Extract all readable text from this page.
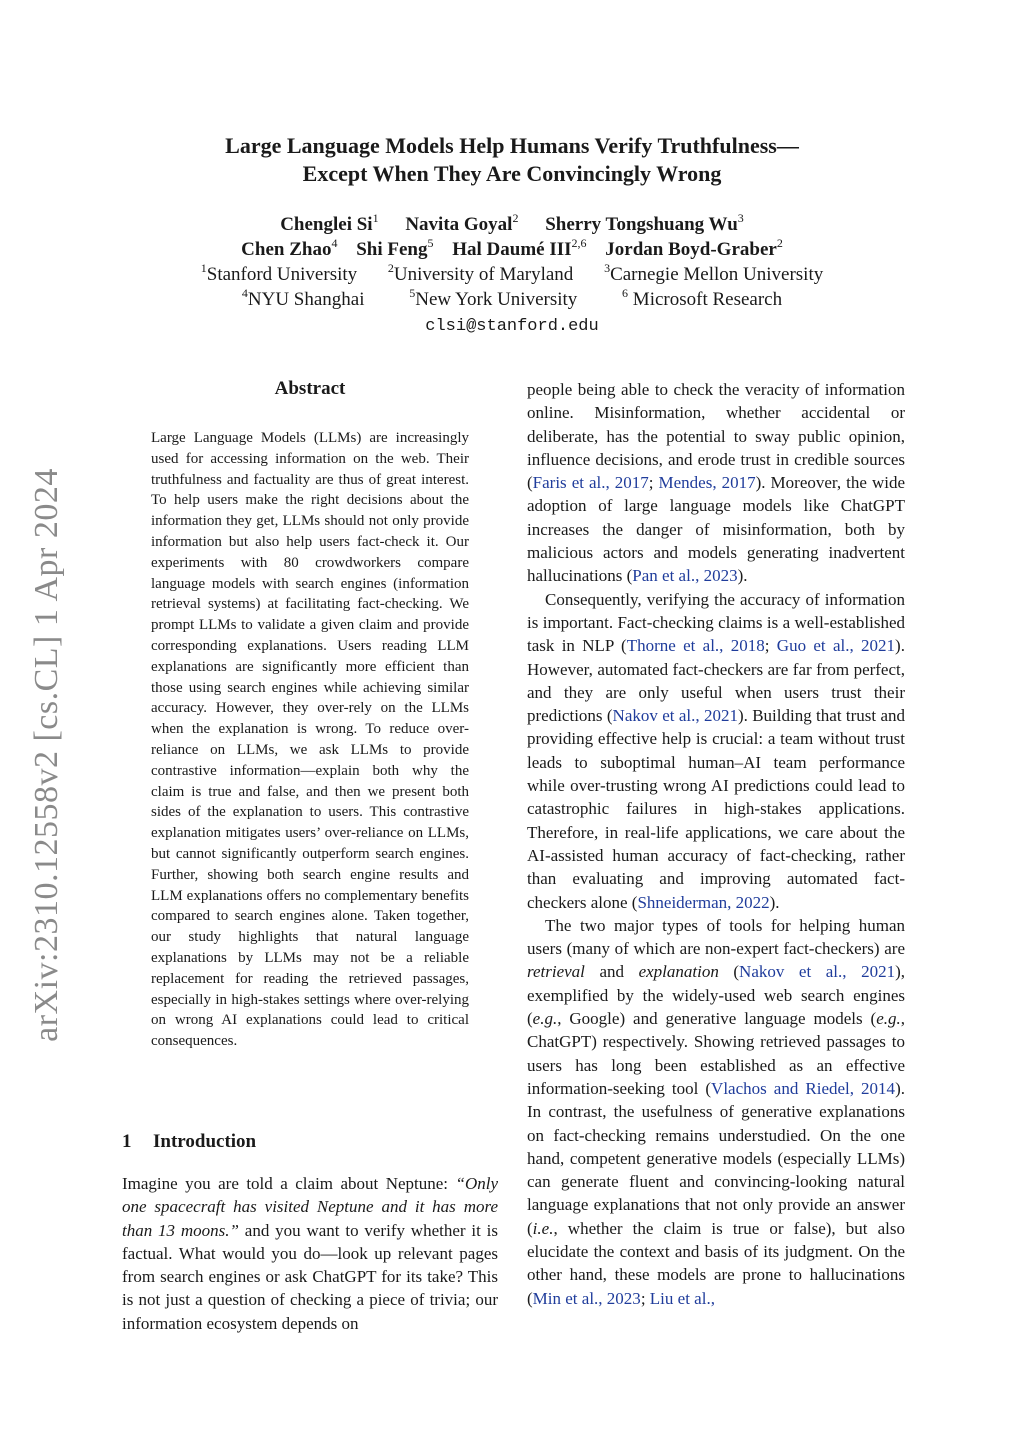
arXiv:2310.12558v2 [cs.CL] 1 Apr 2024
Large Language Models Help Humans Verify Truthfulness—
Except When They Are Convincingly Wrong
Chenglei Si$^1$ Navita Goyal$^2$ Sherry Tongshuang Wu$^3$
Chen Zhao$^4$ Shi Feng$^5$ Hal Daumé III$^{2,6}$ Jordan Boyd-Graber$^2$
$^1$Stanford University	$^2$University of Maryland	$^3$Carnegie Mellon University
$^4$NYU Shanghai	$^5$New York University	$^6$ Microsoft Research
clsi@stanford.edu
Abstract
Large Language Models (LLMs) are increasingly used for accessing information on the web. Their truthfulness and factuality are thus of great interest. To help users make the right decisions about the information they get, LLMs should not only provide information but also help users fact-check it. Our experiments with 80 crowdworkers compare language models with search engines (information retrieval systems) at facilitating fact-checking. We prompt LLMs to validate a given claim and provide corresponding explanations. Users reading LLM explanations are significantly more efficient than those using search engines while achieving similar accuracy. However, they over-rely on the LLMs when the explanation is wrong. To reduce over-reliance on LLMs, we ask LLMs to provide contrastive information—explain both why the claim is true and false, and then we present both sides of the explanation to users. This contrastive explanation mitigates users’ over-reliance on LLMs, but cannot significantly outperform search engines. Further, showing both search engine results and LLM explanations offers no complementary benefits compared to search engines alone. Taken together, our study highlights that natural language explanations by LLMs may not be a reliable replacement for reading the retrieved passages, especially in high-stakes settings where over-relying on wrong AI explanations could lead to critical consequences.
1 Introduction
Imagine you are told a claim about Neptune: “Only one spacecraft has visited Neptune and it has more than 13 moons.” and you want to verify whether it is factual. What would you do—look up relevant pages from search engines or ask ChatGPT for its take? This is not just a question of checking a piece of trivia; our information ecosystem depends on

people being able to check the veracity of information online. Misinformation, whether accidental or deliberate, has the potential to sway public opinion, influence decisions, and erode trust in credible sources (Faris et al., 2017; Mendes, 2017). Moreover, the wide adoption of large language models like ChatGPT increases the danger of misinformation, both by malicious actors and models generating inadvertent hallucinations (Pan et al., 2023).

Consequently, verifying the accuracy of information is important. Fact-checking claims is a well-established task in NLP (Thorne et al., 2018; Guo et al., 2021). However, automated fact-checkers are far from perfect, and they are only useful when users trust their predictions (Nakov et al., 2021). Building that trust and providing effective help is crucial: a team without trust leads to suboptimal human–AI team performance while over-trusting wrong AI predictions could lead to catastrophic failures in high-stakes applications. Therefore, in real-life applications, we care about the AI-assisted human accuracy of fact-checking, rather than evaluating and improving automated fact-checkers alone (Shneiderman, 2022).

The two major types of tools for helping human users (many of which are non-expert fact-checkers) are retrieval and explanation (Nakov et al., 2021), exemplified by the widely-used web search engines (e.g., Google) and generative language models (e.g., ChatGPT) respectively. Showing retrieved passages to users has long been established as an effective information-seeking tool (Vlachos and Riedel, 2014). In contrast, the usefulness of generative explanations on fact-checking remains understudied. On the one hand, competent generative models (especially LLMs) can generate fluent and convincing-looking natural language explanations that not only provide an answer (i.e., whether the claim is true or false), but also elucidate the context and basis of its judgment. On the other hand, these models are prone to hallucinations (Min et al., 2023; Liu et al.,
